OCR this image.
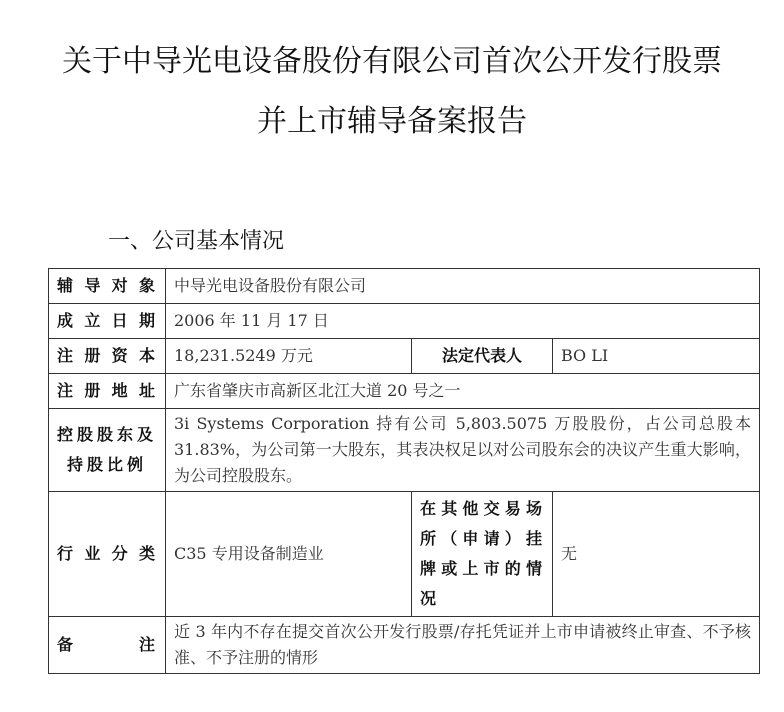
关于中导光电设备股份有限公司首次公开发行股票
并上市辅导备案报告
一、公司基本情况
辅导对象	中导光电设备股份有限公司		
成立日期	2006 年 11 月 17 日		
注册资本	18,231.5249 万元	法定代表人	BO LI
注册地址	广东省肇庆市高新区北江大道 20 号之一		
控股股东及持股比例	3i Systems Corporation 持有公司 5,803.5075 万股股份，占公司总股本 31.83%，为公司第一大股东，其表决权足以对公司股东会的决议产生重大影响，为公司控股股东。		
行业分类	C35 专用设备制造业	在其他交易场所（申请）挂牌或上市的情况	无

备 注	近 3 年内不存在提交首次公开发行股票/存托凭证并上市申请被终止审查、不予核准、不予注册的情形		
